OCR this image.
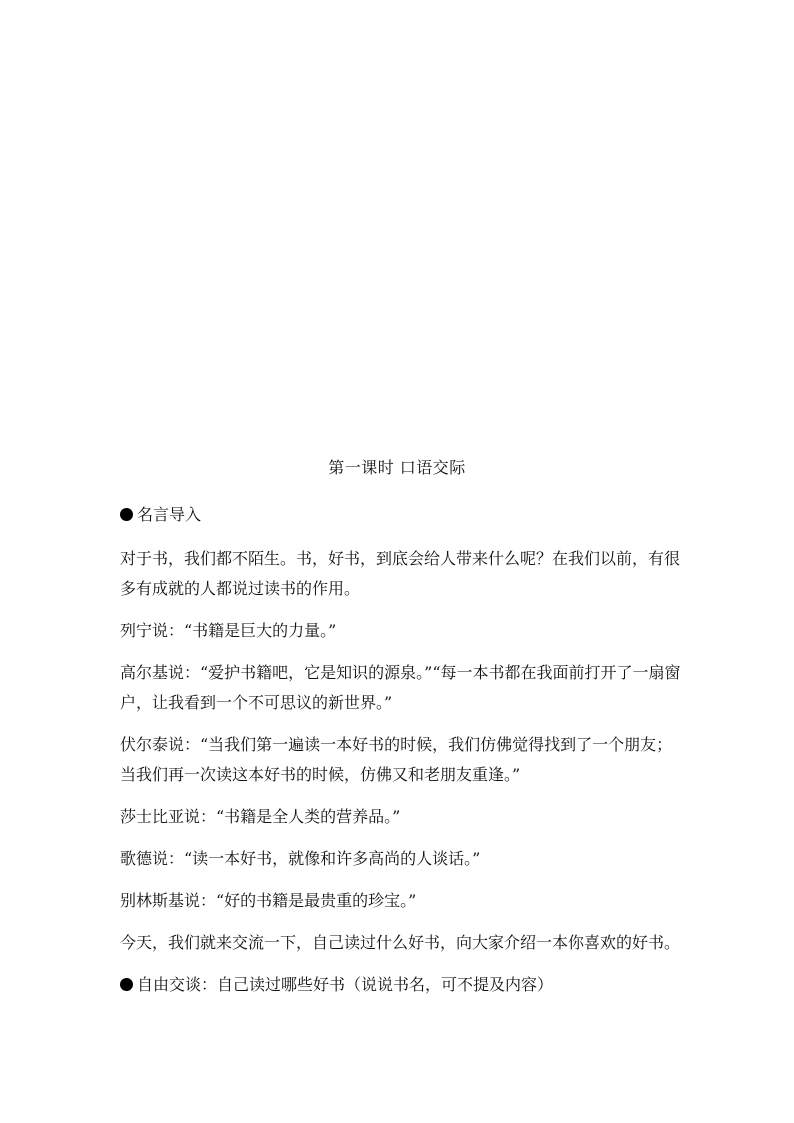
第一课时 口语交际
名言导入

对于书，我们都不陌生。书，好书，到底会给人带来什么呢？在我们以前，有很多有成就的人都说过读书的作用。

列宁说：“书籍是巨大的力量。”

高尔基说：“爱护书籍吧，它是知识的源泉。”“每一本书都在我面前打开了一扇窗户，让我看到一个不可思议的新世界。”

伏尔泰说：“当我们第一遍读一本好书的时候，我们仿佛觉得找到了一个朋友；当我们再一次读这本好书的时候，仿佛又和老朋友重逢。”

莎士比亚说：“书籍是全人类的营养品。”

歌德说：“读一本好书，就像和许多高尚的人谈话。”

别林斯基说：“好的书籍是最贵重的珍宝。”

今天，我们就来交流一下，自己读过什么好书，向大家介绍一本你喜欢的好书。

自由交谈：自己读过哪些好书（说说书名，可不提及内容）
